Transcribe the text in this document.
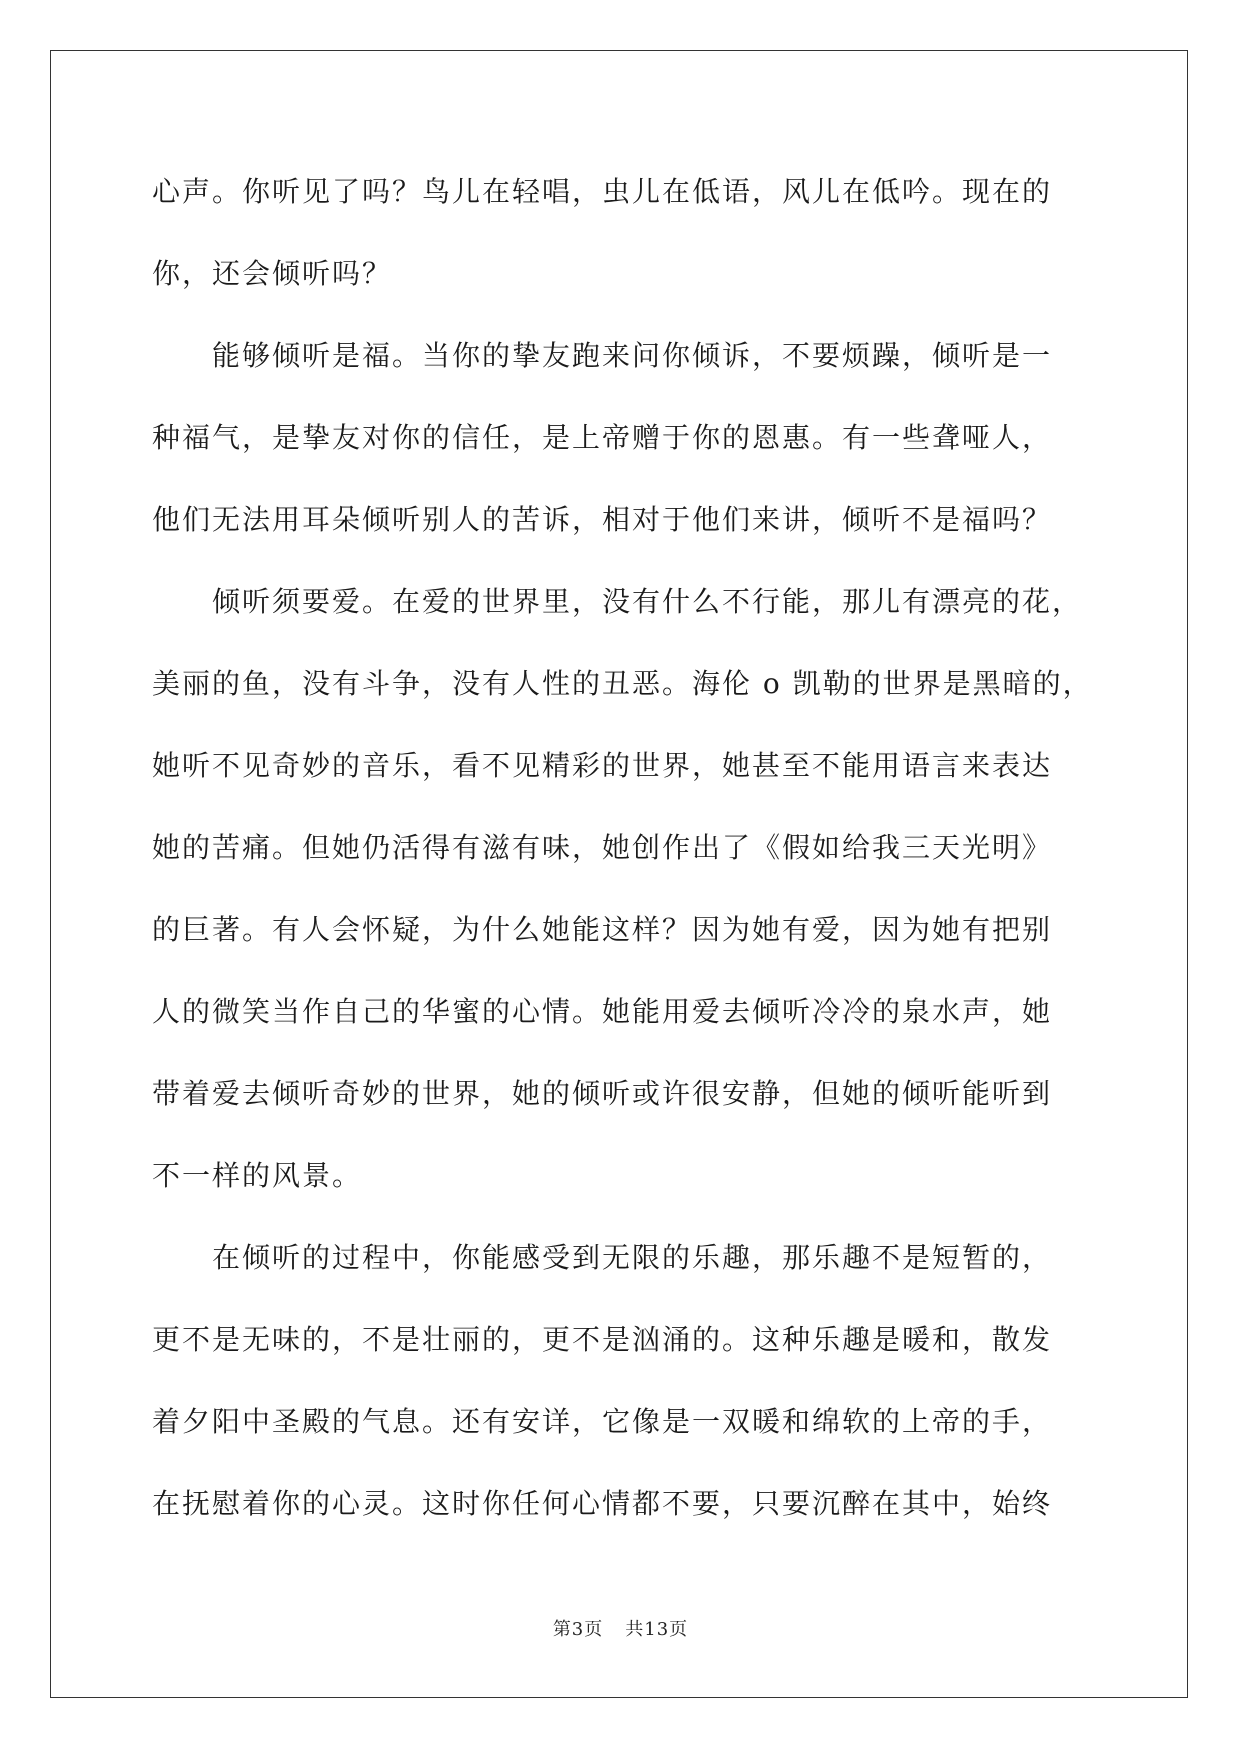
心声。你听见了吗？鸟儿在轻唱，虫儿在低语，风儿在低吟。现在的
你，还会倾听吗？
能够倾听是福。当你的挚友跑来问你倾诉，不要烦躁，倾听是一
种福气，是挚友对你的信任，是上帝赠于你的恩惠。有一些聋哑人，
他们无法用耳朵倾听别人的苦诉，相对于他们来讲，倾听不是福吗？
倾听须要爱。在爱的世界里，没有什么不行能，那儿有漂亮的花，
美丽的鱼，没有斗争，没有人性的丑恶。海伦 o 凯勒的世界是黑暗的，
她听不见奇妙的音乐，看不见精彩的世界，她甚至不能用语言来表达
她的苦痛。但她仍活得有滋有味，她创作出了《假如给我三天光明》
的巨著。有人会怀疑，为什么她能这样？因为她有爱，因为她有把别
人的微笑当作自己的华蜜的心情。她能用爱去倾听冷冷的泉水声，她
带着爱去倾听奇妙的世界，她的倾听或许很安静，但她的倾听能听到
不一样的风景。
在倾听的过程中，你能感受到无限的乐趣，那乐趣不是短暂的，
更不是无味的，不是壮丽的，更不是汹涌的。这种乐趣是暖和，散发
着夕阳中圣殿的气息。还有安详，它像是一双暖和绵软的上帝的手，
在抚慰着你的心灵。这时你任何心情都不要，只要沉醉在其中，始终
第3页 共13页
